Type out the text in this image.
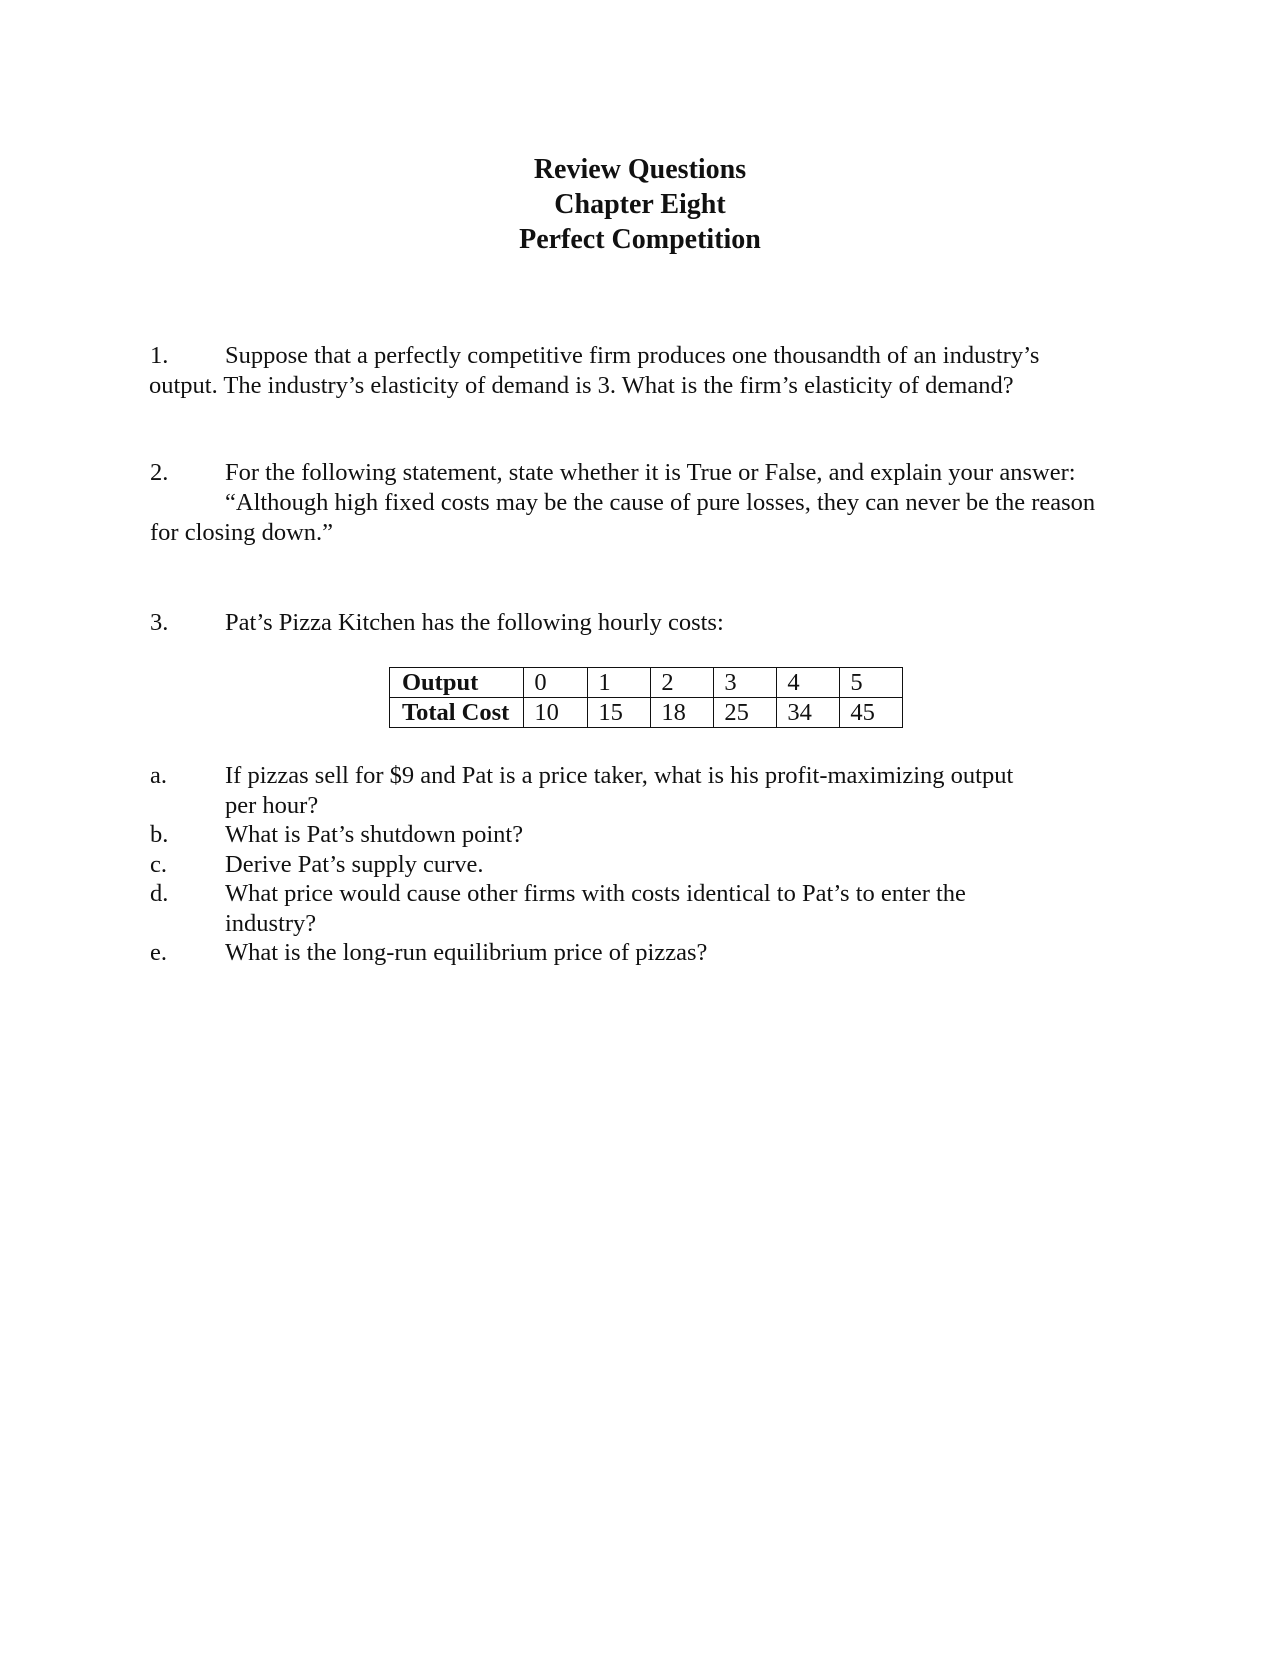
Review Questions
Chapter Eight
Perfect Competition
1. Suppose that a perfectly competitive firm produces one thousandth of an industry’s
output. The industry’s elasticity of demand is 3. What is the firm’s elasticity of demand?
2. For the following statement, state whether it is True or False, and explain your answer:
“Although high fixed costs may be the cause of pure losses, they can never be the reason
for closing down.”
3. Pat’s Pizza Kitchen has the following hourly costs:
Output	0	1	2	3	4	5
Total Cost	10	15	18	25	34	45
a.	If pizzas sell for $9 and Pat is a price taker, what is his profit-maximizing output per hour?
b.	What is Pat’s shutdown point?
c.	Derive Pat’s supply curve.
d.	What price would cause other firms with costs identical to Pat’s to enter the industry?
e.	What is the long-run equilibrium price of pizzas?
